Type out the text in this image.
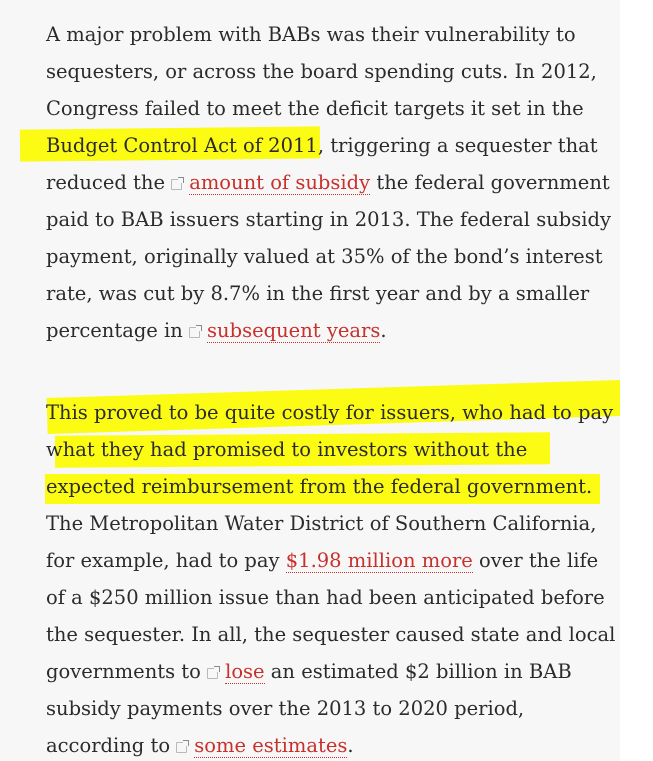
A major problem with BABs was their vulnerability to
sequesters, or across the board spending cuts. In 2012,
Congress failed to meet the deficit targets it set in the
Budget Control Act of 2011, triggering a sequester that
reduced the amount of subsidy the federal government
paid to BAB issuers starting in 2013. The federal subsidy
payment, originally valued at 35% of the bond’s interest
rate, was cut by 8.7% in the first year and by a smaller
percentage in subsequent years.
This proved to be quite costly for issuers, who had to pay
what they had promised to investors without the
expected reimbursement from the federal government.
The Metropolitan Water District of Southern California,
for example, had to pay $1.98 million more over the life
of a $250 million issue than had been anticipated before
the sequester. In all, the sequester caused state and local
governments to lose an estimated $2 billion in BAB
subsidy payments over the 2013 to 2020 period,
according to some estimates.
